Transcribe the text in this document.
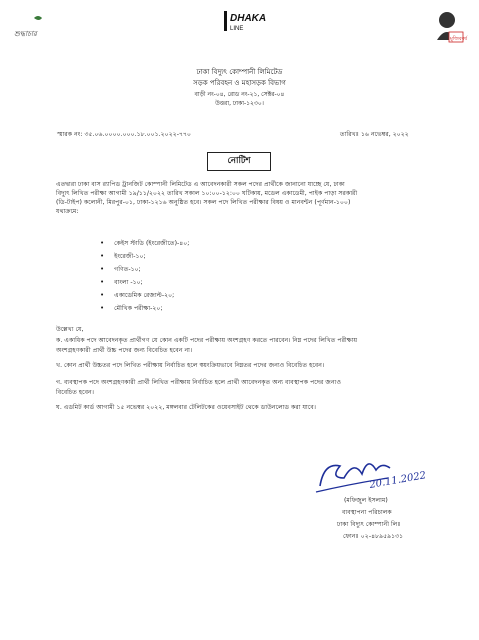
শুদ্ধাচার
DHAKA
LINE
মুজিববর্ষ
ঢাকা বিদ্যুৎ কোম্পানী লিমিটেড
সড়ক পরিবহন ও মহাসড়ক বিভাগ
বাড়ী নং-০৪, রোড নং-২১, সেক্টর-০৪
উত্তরা, ঢাকা-১২৩০।
স্মারক নং: ৩৫.০৬.০০০০.০০০.১৮.০০১.২০২২-৭৭০	তারিখঃ ১৬ নভেম্বর, ২০২২
নোটিশ
এতদ্বারা ঢাকা বাস র‍্যাপিড ট্রানজিট কোম্পানী লিমিটেড এ আবেদনকারী সকল পদের প্রার্থীকে জানানো যাচ্ছে যে, ঢাকা
বিদ্যুৎ লিখিত পরীক্ষা আগামী ১৯/১১/২০২২ তারিখ সকাল ১০:০০-১২:০০ ঘটিকায়, মডেল একাডেমী, পাইক পাড়া সরকারী
(ডি-টাইপ) কলোনী, মিরপুর-০১, ঢাকা-১২১৬ অনুষ্ঠিত হবে। সকল পদে লিখিত পরীক্ষার বিষয় ও মানবন্টন (পূর্ণমান-১০০)
যথাক্রমে:
• কেইস স্টাডি (ইংরেজীতে)-৪০;
• ইংরেজী-১০;
• গণিত-১০;
• বাংলা -১০;
• একাডেমিক রেজাল্ট-২০;
• মৌখিক পরীক্ষা-২০;
উল্লেখ্য যে,
ক. একাধিক পদে আবেদনকৃত প্রার্থীগণ যে কোন একটি পদের পরীক্ষায় অংশগ্রহণ করতে পারবেন। নিম্ন পদের লিখিত পরীক্ষায়
অংশগ্রহণকারী প্রার্থী উচ্চ পদের জন্য বিবেচিত হবেন না।
খ. কোন প্রার্থী উচ্চতর পদে লিখিত পরীক্ষায় নির্বাচিত হলে স্বয়ংক্রিয়ভাবে নিম্নতর পদের জন্যও বিবেচিত হবেন।
গ. ব্যবস্থাপক পদে অংশগ্রহণকারী প্রার্থী লিখিত পরীক্ষায় নির্বাচিত হলে প্রার্থী আবেদনকৃত অন্য ব্যবস্থাপক পদের জন্যও
বিবেচিত হবেন।
ঘ. এডমিট কার্ড আগামী ১৫ নভেম্বর ২০২২, মঙ্গলবার টেলিটকের ওয়েবসাইট থেকে ডাউনলোড করা যাবে।
20.11.2022
(মফিজুল ইসলাম)
ব্যবস্থাপনা পরিচালক
ঢাকা বিদ্যুৎ কোম্পানী লিঃ
ফোনঃ ০২-৪৮৯৫৯১৩১
